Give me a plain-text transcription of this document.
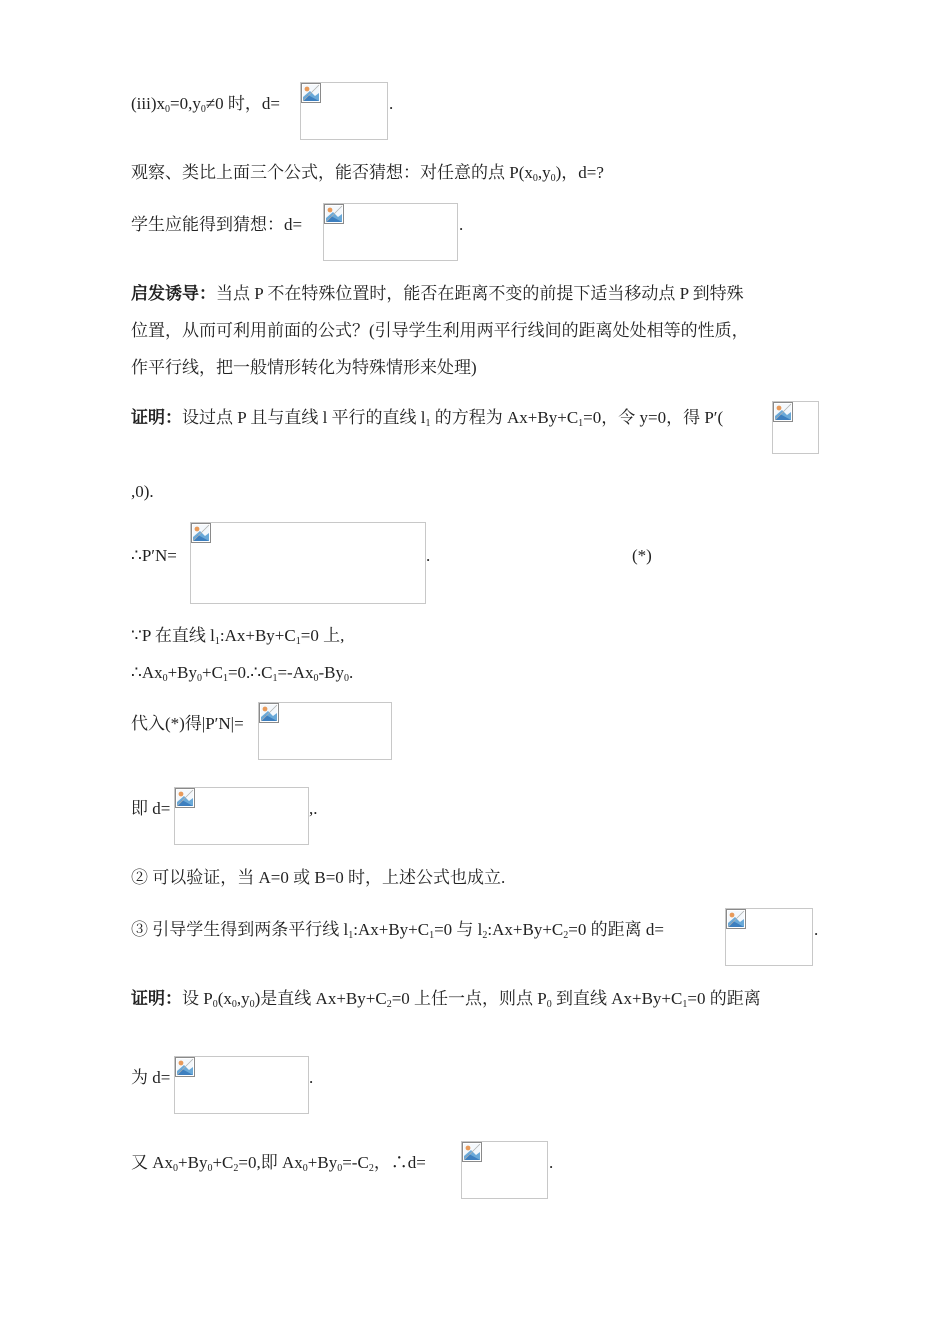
$(iii)x_0=0,y_0\ne 0$ 时，d=	.
观察、类比上面三个公式，能否猜想：对任意的点 $P(x_0,y_0)$，d=?
学生应能得到猜想：d=	.
启发诱导：当点 P 不在特殊位置时，能否在距离不变的前提下适当移动点 P 到特殊
位置，从而可利用前面的公式？(引导学生利用两平行线间的距离处处相等的性质，
作平行线，把一般情形转化为特殊情形来处理)
证明：设过点 P 且与直线 l 平行的直线 $l_1$ 的方程为 $Ax+By+C_1=0$，令 y=0，得 P′(
,0).
∴P′N=	.	(*)
∵P 在直线 $l_1:Ax+By+C_1=0$ 上,
$\therefore Ax_0+By_0+C_1=0.\therefore C_1=-Ax_0-By_0$.
代入(*)得|P′N|=
即 d=	,.
② 可以验证，当 A=0 或 B=0 时，上述公式也成立.
③ 引导学生得到两条平行线 $l_1:Ax+By+C_1=0$ 与 $l_2:Ax+By+C_2=0$ 的距离 d=	.
证明：设 $P_0(x_0,y_0)$是直线 $Ax+By+C_2=0$ 上任一点，则点 $P_0$ 到直线 $Ax+By+C_1=0$ 的距离
为 d=	.
又 $Ax_0+By_0+C_2=0$,即 $Ax_0+By_0=-C_2$，∴d=	.
